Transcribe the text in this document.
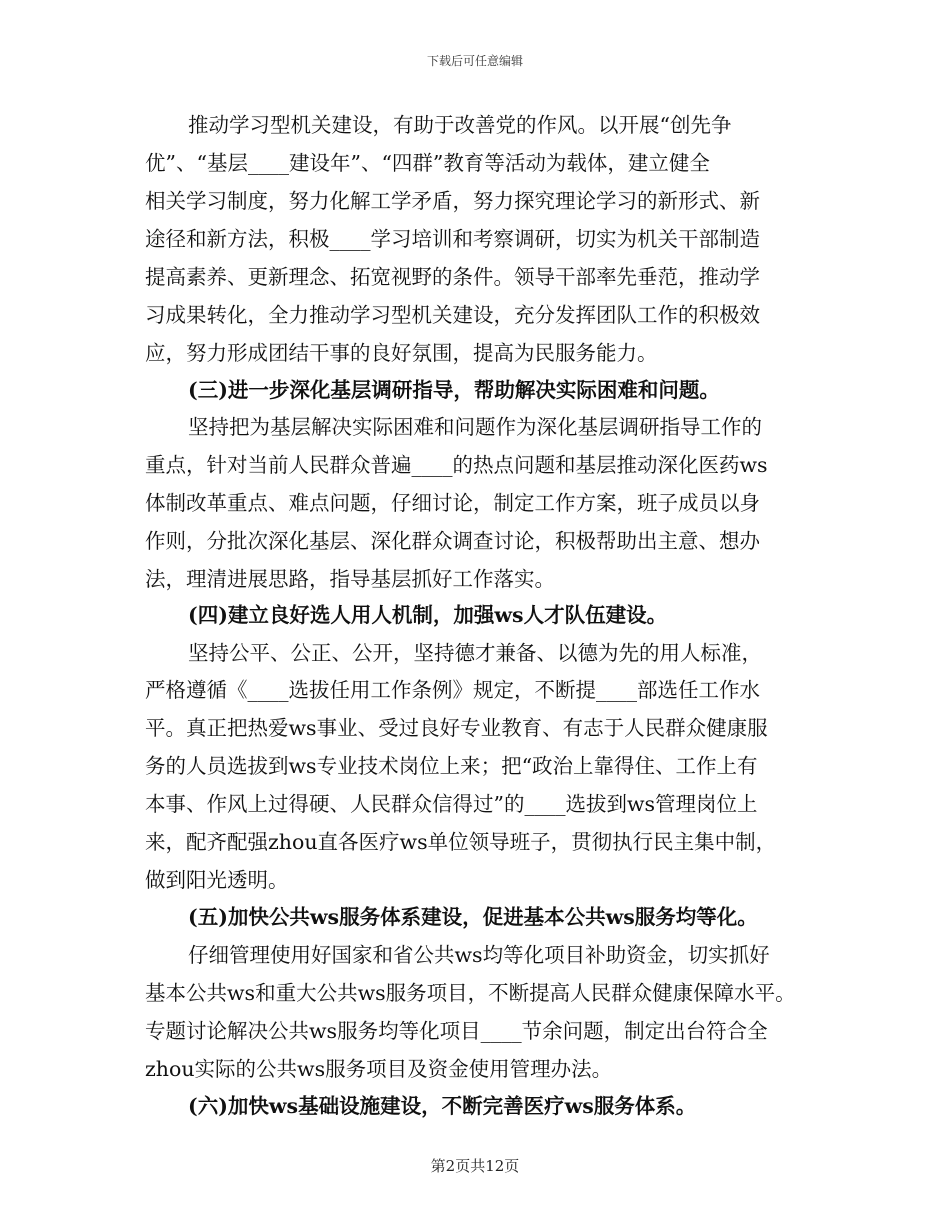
下载后可任意编辑
推动学习型机关建设，有助于改善党的作风。以开展“创先争
优”、“基层____建设年”、“四群”教育等活动为载体，建立健全
相关学习制度，努力化解工学矛盾，努力探究理论学习的新形式、新
途径和新方法，积极____学习培训和考察调研，切实为机关干部制造
提高素养、更新理念、拓宽视野的条件。领导干部率先垂范，推动学
习成果转化，全力推动学习型机关建设，充分发挥团队工作的积极效
应，努力形成团结干事的良好氛围，提高为民服务能力。
(三)进一步深化基层调研指导，帮助解决实际困难和问题。
坚持把为基层解决实际困难和问题作为深化基层调研指导工作的
重点，针对当前人民群众普遍____的热点问题和基层推动深化医药ws
体制改革重点、难点问题，仔细讨论，制定工作方案，班子成员以身
作则，分批次深化基层、深化群众调查讨论，积极帮助出主意、想办
法，理清进展思路，指导基层抓好工作落实。
(四)建立良好选人用人机制，加强ws人才队伍建设。
坚持公平、公正、公开，坚持德才兼备、以德为先的用人标准，
严格遵循《____选拔任用工作条例》规定，不断提____部选任工作水
平。真正把热爱ws事业、受过良好专业教育、有志于人民群众健康服
务的人员选拔到ws专业技术岗位上来；把“政治上靠得住、工作上有
本事、作风上过得硬、人民群众信得过”的____选拔到ws管理岗位上
来，配齐配强zhou直各医疗ws单位领导班子，贯彻执行民主集中制，
做到阳光透明。
(五)加快公共ws服务体系建设，促进基本公共ws服务均等化。
仔细管理使用好国家和省公共ws均等化项目补助资金，切实抓好
基本公共ws和重大公共ws服务项目，不断提高人民群众健康保障水平。
专题讨论解决公共ws服务均等化项目____节余问题，制定出台符合全
zhou实际的公共ws服务项目及资金使用管理办法。
(六)加快ws基础设施建设，不断完善医疗ws服务体系。
第2页共12页
